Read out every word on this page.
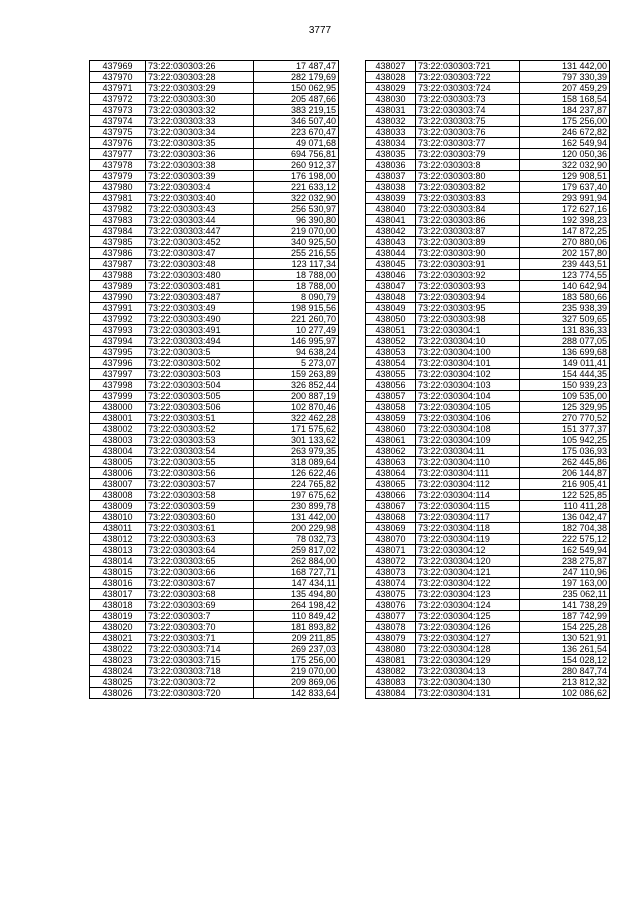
3777
437969	73:22:030303:26	17 487,47
437970	73:22:030303:28	282 179,69
437971	73:22:030303:29	150 062,95
437972	73:22:030303:30	205 487,66
437973	73:22:030303:32	383 219,15
437974	73:22:030303:33	346 507,40
437975	73:22:030303:34	223 670,47
437976	73:22:030303:35	49 071,68
437977	73:22:030303:36	694 756,81
437978	73:22:030303:38	260 912,37
437979	73:22:030303:39	176 198,00
437980	73:22:030303:4	221 633,12
437981	73:22:030303:40	322 032,90
437982	73:22:030303:43	256 530,97
437983	73:22:030303:44	96 390,80
437984	73:22:030303:447	219 070,00
437985	73:22:030303:452	340 925,50
437986	73:22:030303:47	255 216,55
437987	73:22:030303:48	123 117,34
437988	73:22:030303:480	18 788,00
437989	73:22:030303:481	18 788,00
437990	73:22:030303:487	8 090,79
437991	73:22:030303:49	198 915,56
437992	73:22:030303:490	221 260,70
437993	73:22:030303:491	10 277,49
437994	73:22:030303:494	146 995,97
437995	73:22:030303:5	94 638,24
437996	73:22:030303:502	5 273,07
437997	73:22:030303:503	159 263,89
437998	73:22:030303:504	326 852,44
437999	73:22:030303:505	200 887,19
438000	73:22:030303:506	102 870,46
438001	73:22:030303:51	322 462,28
438002	73:22:030303:52	171 575,62
438003	73:22:030303:53	301 133,62
438004	73:22:030303:54	263 979,35
438005	73:22:030303:55	318 089,64
438006	73:22:030303:56	126 622,46
438007	73:22:030303:57	224 765,82
438008	73:22:030303:58	197 675,62
438009	73:22:030303:59	230 899,78
438010	73:22:030303:60	131 442,00
438011	73:22:030303:61	200 229,98
438012	73:22:030303:63	78 032,73
438013	73:22:030303:64	259 817,02
438014	73:22:030303:65	262 884,00
438015	73:22:030303:66	168 727,71
438016	73:22:030303:67	147 434,11
438017	73:22:030303:68	135 494,80
438018	73:22:030303:69	264 198,42
438019	73:22:030303:7	110 849,42
438020	73:22:030303:70	181 893,82
438021	73:22:030303:71	209 211,85
438022	73:22:030303:714	269 237,03
438023	73:22:030303:715	175 256,00
438024	73:22:030303:718	219 070,00
438025	73:22:030303:72	209 869,06
438026	73:22:030303:720	142 833,64
438027	73:22:030303:721	131 442,00
438028	73:22:030303:722	797 330,39
438029	73:22:030303:724	207 459,29
438030	73:22:030303:73	158 168,54
438031	73:22:030303:74	184 237,87
438032	73:22:030303:75	175 256,00
438033	73:22:030303:76	246 672,82
438034	73:22:030303:77	162 549,94
438035	73:22:030303:79	120 050,36
438036	73:22:030303:8	322 032,90
438037	73:22:030303:80	129 908,51
438038	73:22:030303:82	179 637,40
438039	73:22:030303:83	293 991,94
438040	73:22:030303:84	172 627,16
438041	73:22:030303:86	192 398,23
438042	73:22:030303:87	147 872,25
438043	73:22:030303:89	270 880,06
438044	73:22:030303:90	202 157,80
438045	73:22:030303:91	239 443,51
438046	73:22:030303:92	123 774,55
438047	73:22:030303:93	140 642,94
438048	73:22:030303:94	183 580,66
438049	73:22:030303:95	235 938,39
438050	73:22:030303:98	327 509,65
438051	73:22:030304:1	131 836,33
438052	73:22:030304:10	288 077,05
438053	73:22:030304:100	136 699,68
438054	73:22:030304:101	149 011,41
438055	73:22:030304:102	154 444,35
438056	73:22:030304:103	150 939,23
438057	73:22:030304:104	109 535,00
438058	73:22:030304:105	125 329,95
438059	73:22:030304:106	270 770,52
438060	73:22:030304:108	151 377,37
438061	73:22:030304:109	105 942,25
438062	73:22:030304:11	175 036,93
438063	73:22:030304:110	262 445,86
438064	73:22:030304:111	206 144,87
438065	73:22:030304:112	216 905,41
438066	73:22:030304:114	122 525,85
438067	73:22:030304:115	110 411,28
438068	73:22:030304:117	136 042,47
438069	73:22:030304:118	182 704,38
438070	73:22:030304:119	222 575,12
438071	73:22:030304:12	162 549,94
438072	73:22:030304:120	238 275,87
438073	73:22:030304:121	247 110,96
438074	73:22:030304:122	197 163,00
438075	73:22:030304:123	235 062,11
438076	73:22:030304:124	141 738,29
438077	73:22:030304:125	187 742,99
438078	73:22:030304:126	154 225,28
438079	73:22:030304:127	130 521,91
438080	73:22:030304:128	136 261,54
438081	73:22:030304:129	154 028,12
438082	73:22:030304:13	280 847,74
438083	73:22:030304:130	213 812,32
438084	73:22:030304:131	102 086,62
